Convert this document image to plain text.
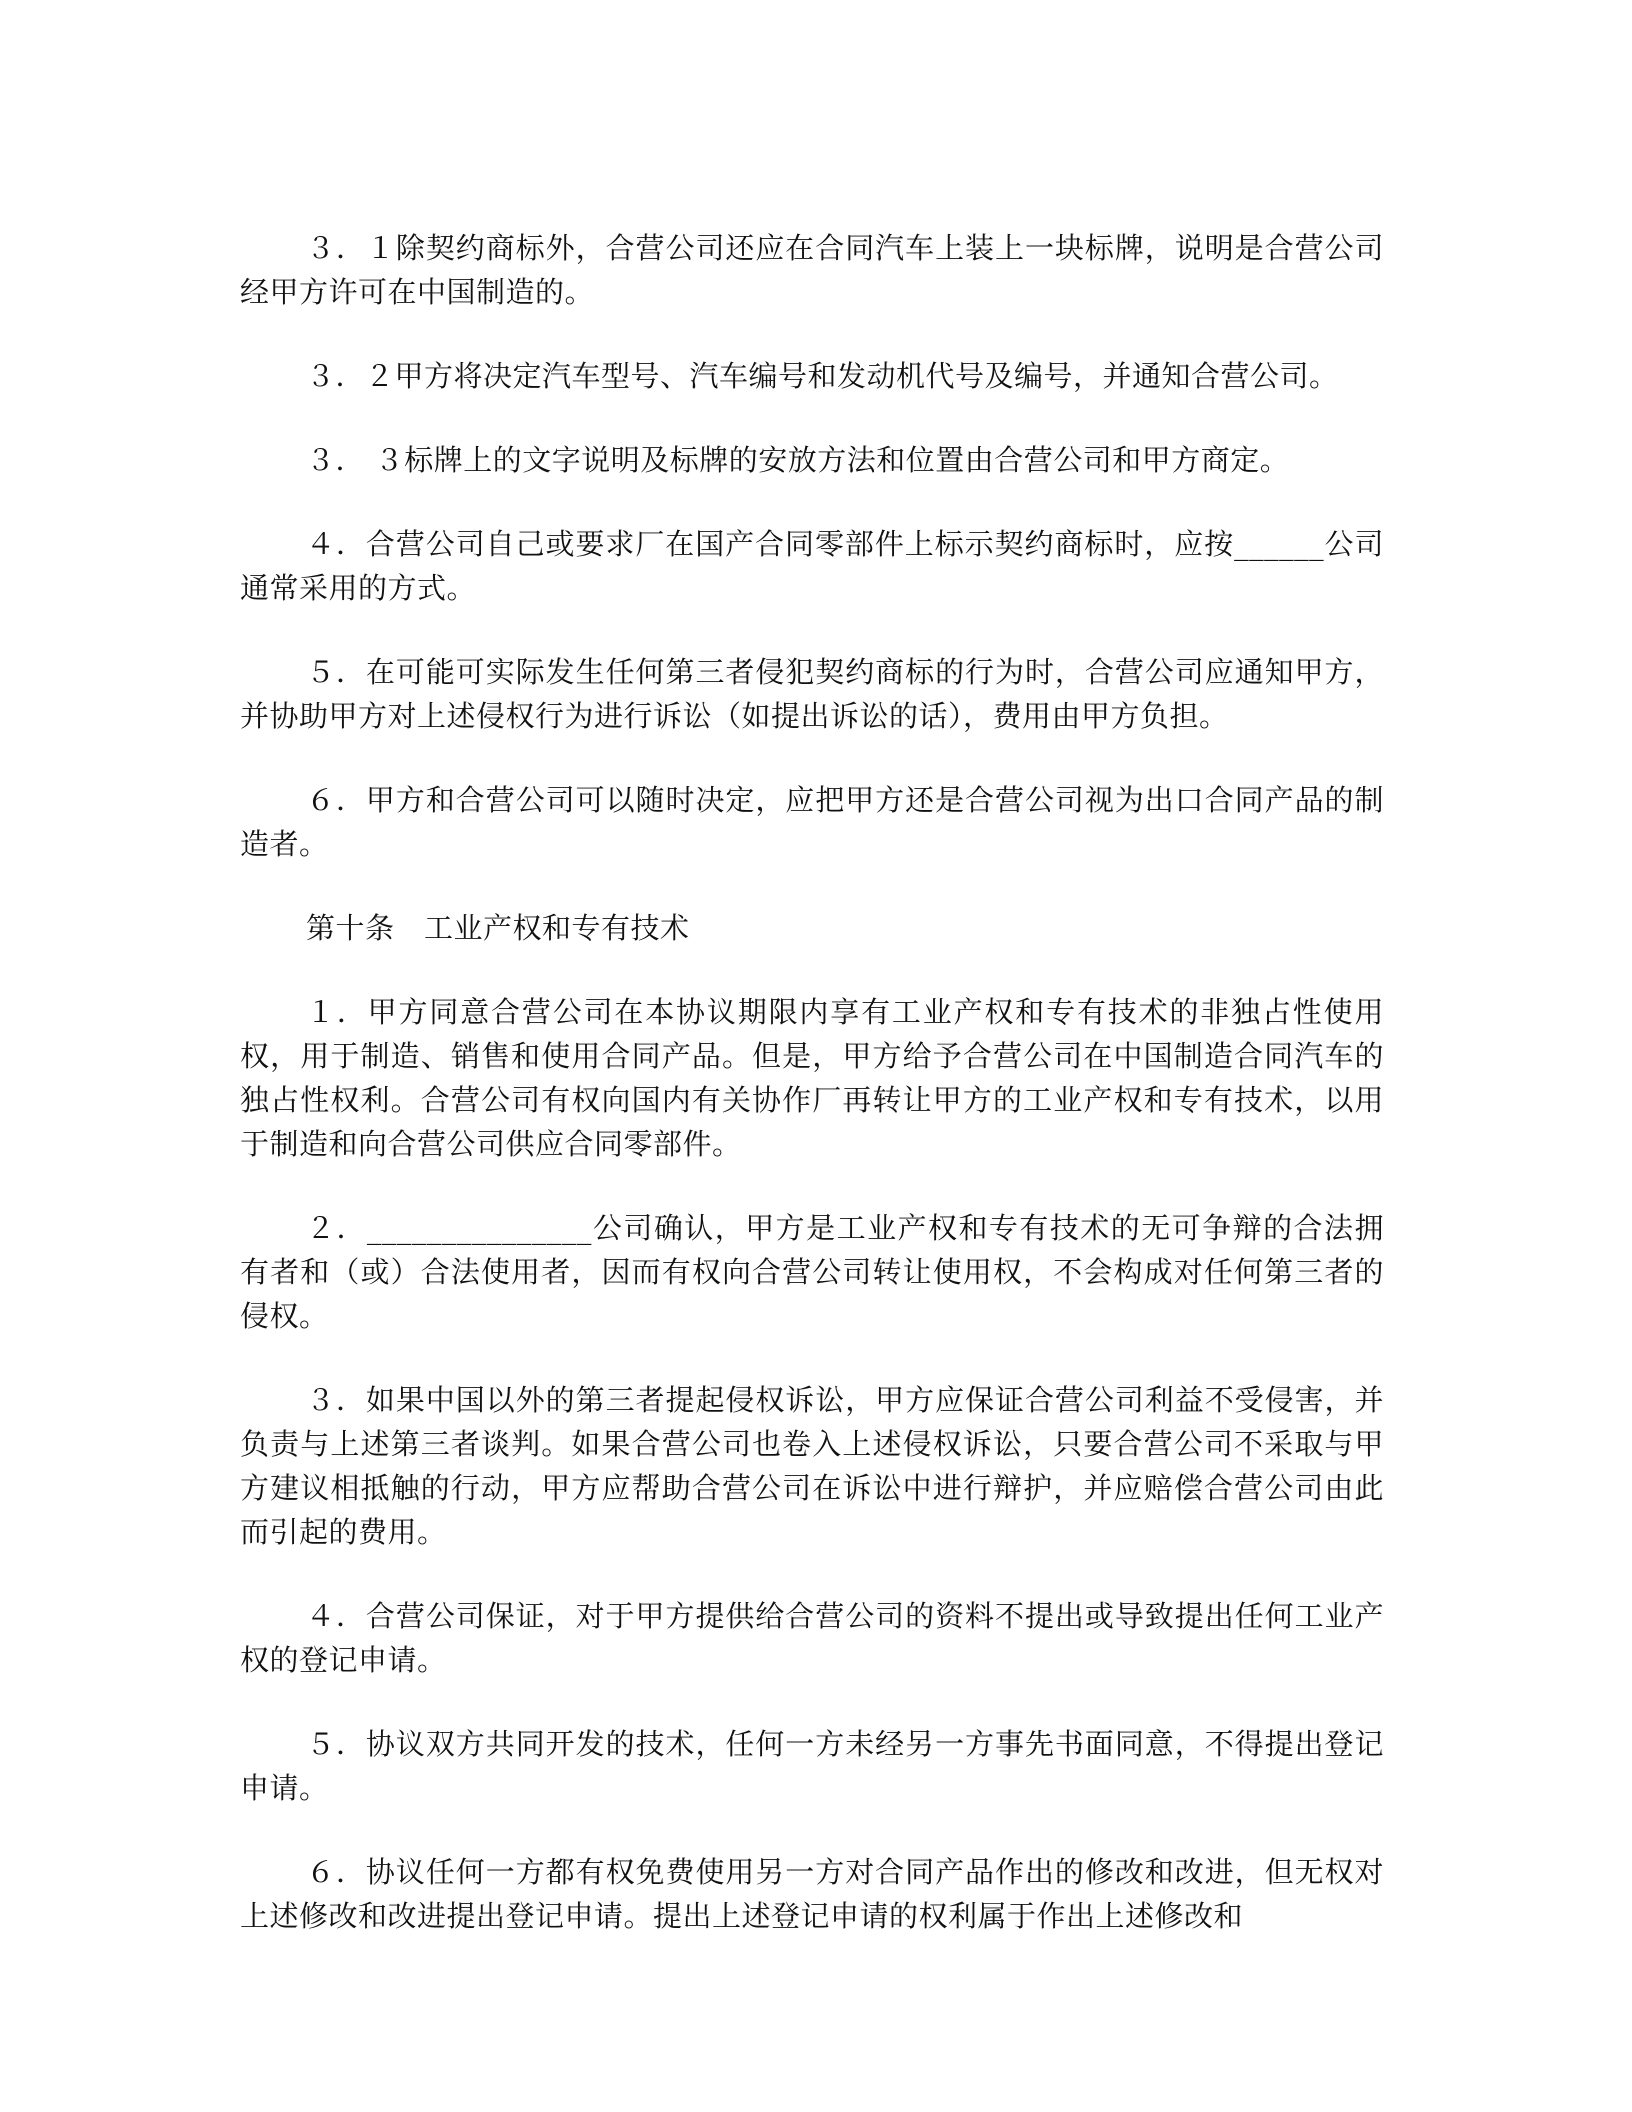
３．１除契约商标外，合营公司还应在合同汽车上装上一块标牌，说明是合营公司经甲方许可在中国制造的。

３．２甲方将决定汽车型号、汽车编号和发动机代号及编号，并通知合营公司。

３． ３标牌上的文字说明及标牌的安放方法和位置由合营公司和甲方商定。

４．合营公司自己或要求厂在国产合同零部件上标示契约商标时，应按______公司通常采用的方式。

５．在可能可实际发生任何第三者侵犯契约商标的行为时，合营公司应通知甲方，并协助甲方对上述侵权行为进行诉讼（如提出诉讼的话），费用由甲方负担。

６．甲方和合营公司可以随时决定，应把甲方还是合营公司视为出口合同产品的制造者。

第十条　工业产权和专有技术

１．甲方同意合营公司在本协议期限内享有工业产权和专有技术的非独占性使用权，用于制造、销售和使用合同产品。但是，甲方给予合营公司在中国制造合同汽车的独占性权利。合营公司有权向国内有关协作厂再转让甲方的工业产权和专有技术，以用于制造和向合营公司供应合同零部件。

２．_______________公司确认，甲方是工业产权和专有技术的无可争辩的合法拥有者和（或）合法使用者，因而有权向合营公司转让使用权，不会构成对任何第三者的侵权。

３．如果中国以外的第三者提起侵权诉讼，甲方应保证合营公司利益不受侵害，并负责与上述第三者谈判。如果合营公司也卷入上述侵权诉讼，只要合营公司不采取与甲方建议相抵触的行动，甲方应帮助合营公司在诉讼中进行辩护，并应赔偿合营公司由此而引起的费用。

４．合营公司保证，对于甲方提供给合营公司的资料不提出或导致提出任何工业产权的登记申请。

５．协议双方共同开发的技术，任何一方未经另一方事先书面同意，不得提出登记申请。

６．协议任何一方都有权免费使用另一方对合同产品作出的修改和改进，但无权对上述修改和改进提出登记申请。提出上述登记申请的权利属于作出上述修改和
